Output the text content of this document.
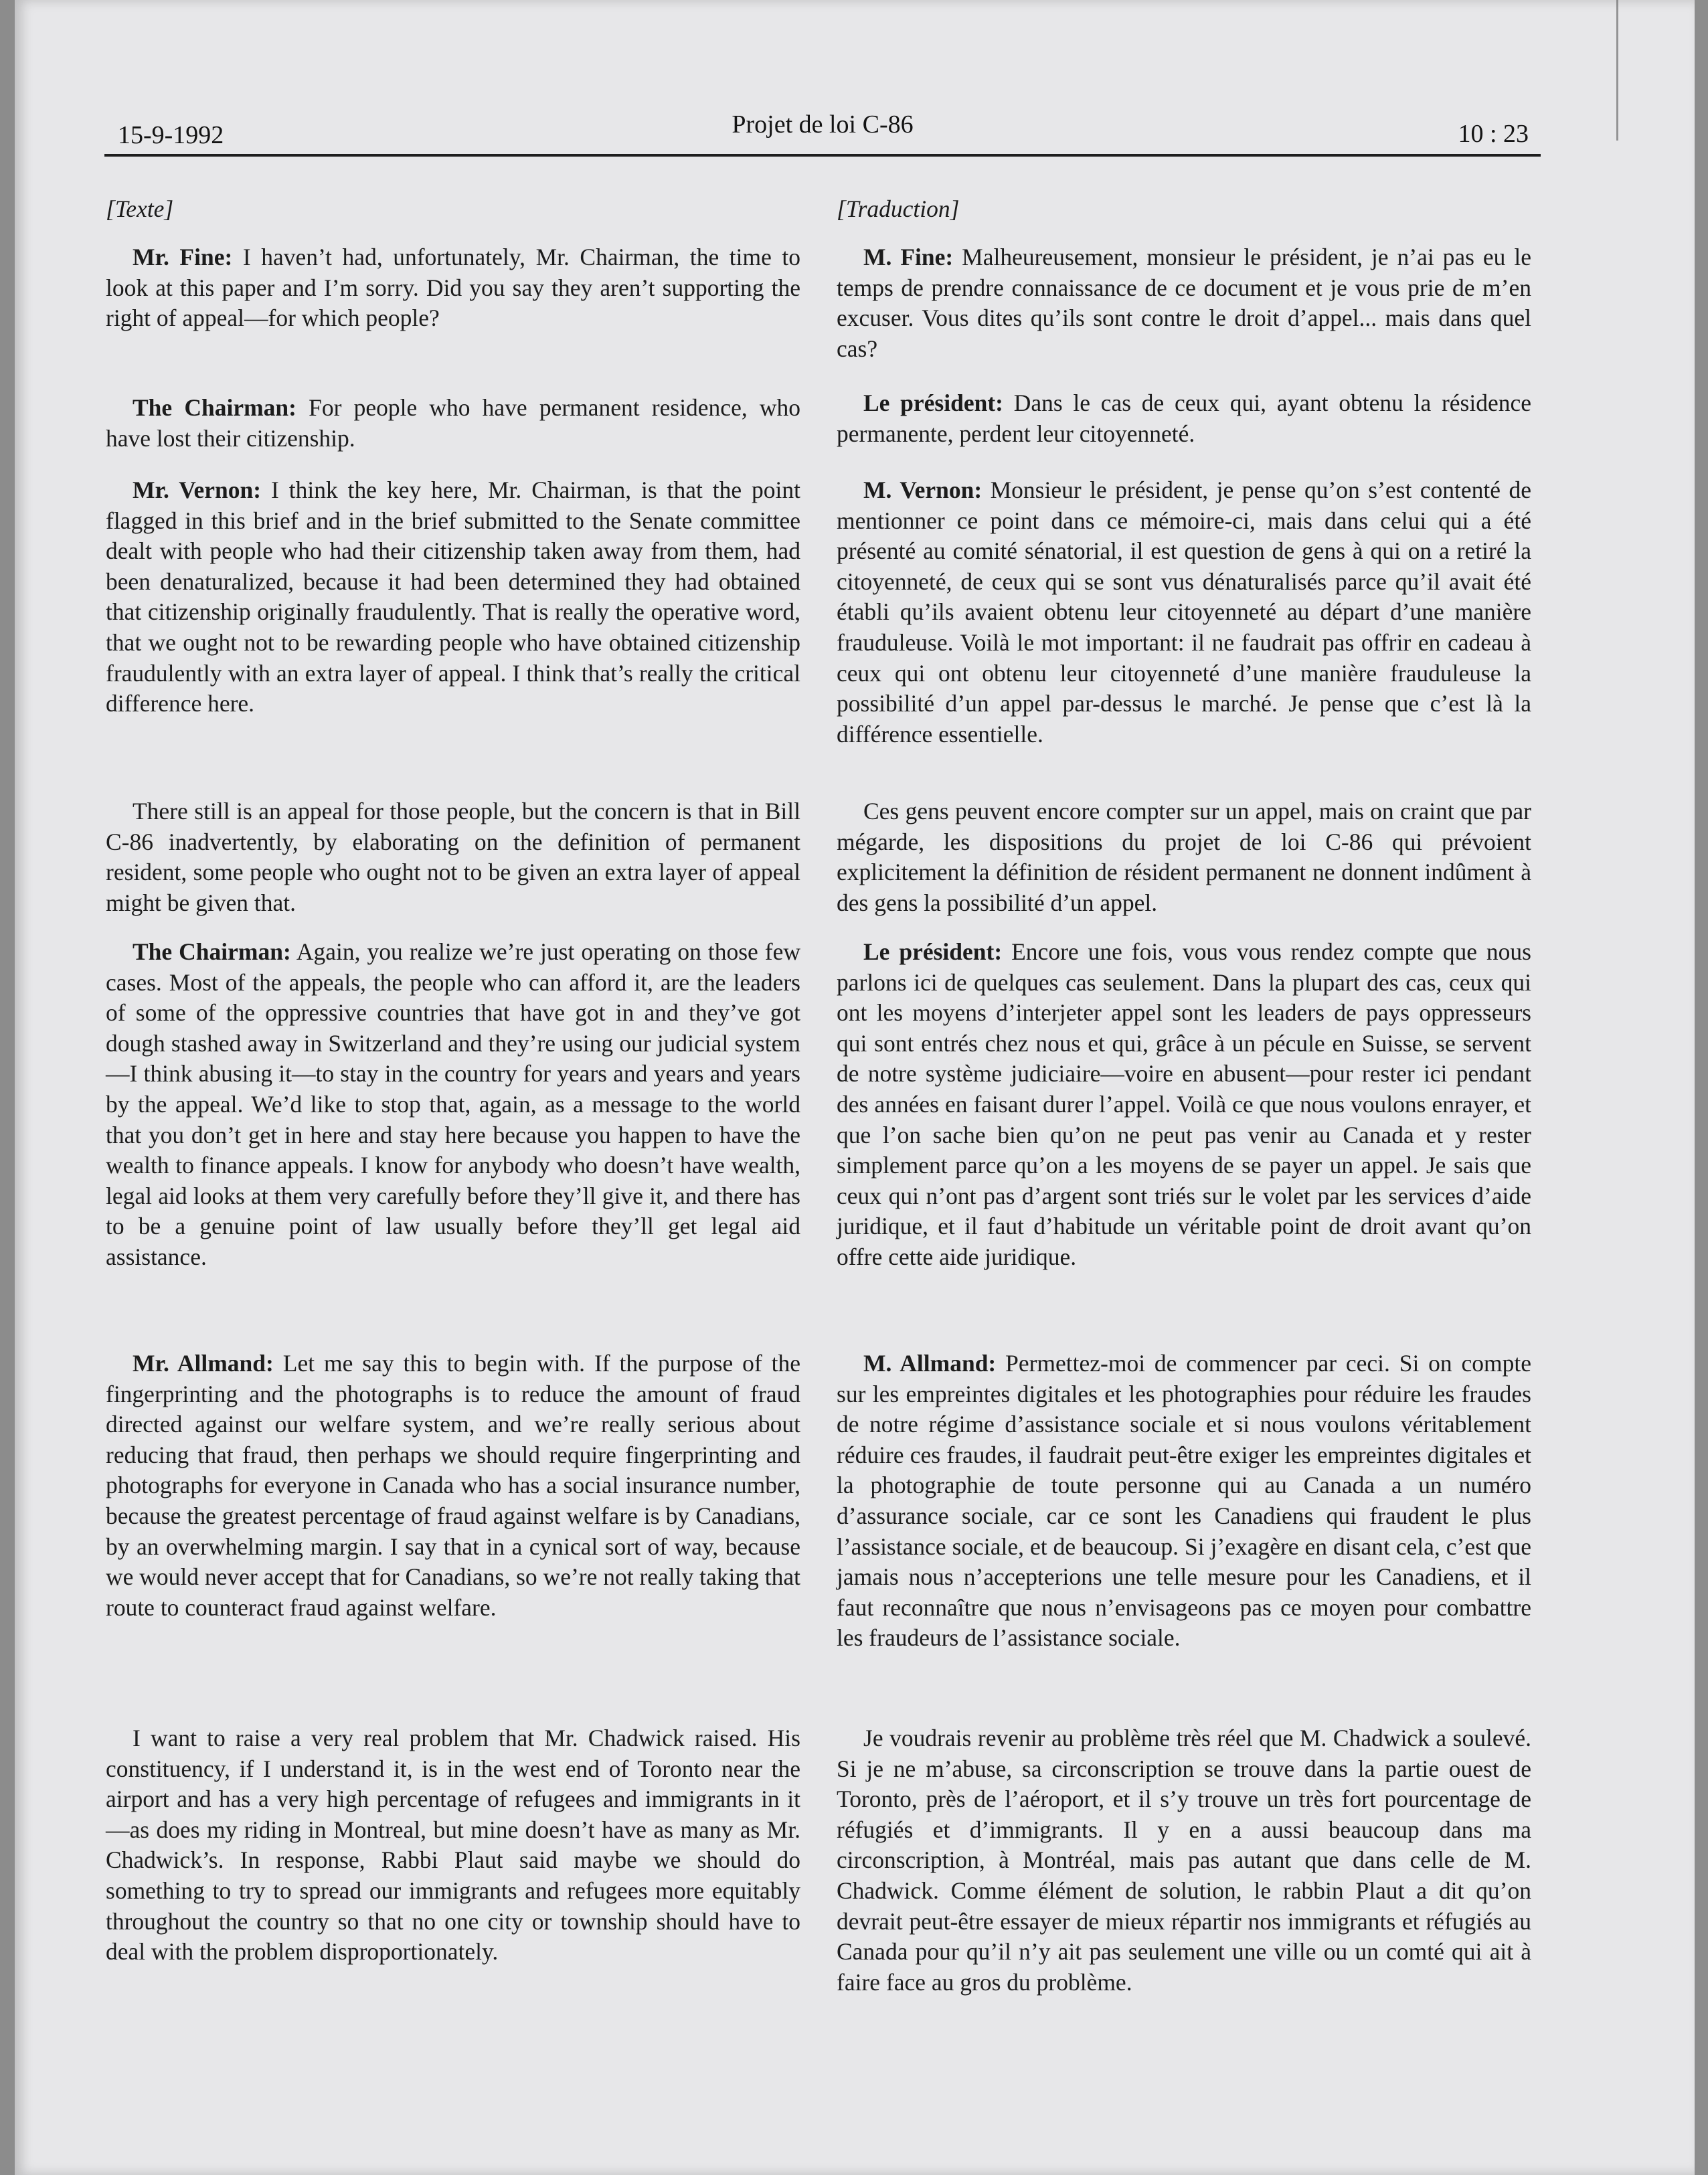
15-9-1992	Projet de loi C-86	10 : 23
[Texte]

Mr. Fine: I haven’t had, unfortunately, Mr. Chairman, the time to look at this paper and I’m sorry. Did you say they aren’t supporting the right of appeal—for which people?

The Chairman: For people who have permanent residence, who have lost their citizenship.

Mr. Vernon: I think the key here, Mr. Chairman, is that the point flagged in this brief and in the brief submitted to the Senate committee dealt with people who had their citizenship taken away from them, had been denaturalized, because it had been determined they had obtained that citizenship originally fraudulently. That is really the operative word, that we ought not to be rewarding people who have obtained citizenship fraudulently with an extra layer of appeal. I think that’s really the critical difference here.

There still is an appeal for those people, but the concern is that in Bill C-86 inadvertently, by elaborating on the definition of permanent resident, some people who ought not to be given an extra layer of appeal might be given that.

The Chairman: Again, you realize we’re just operating on those few cases. Most of the appeals, the people who can afford it, are the leaders of some of the oppressive countries that have got in and they’ve got dough stashed away in Switzerland and they’re using our judicial system—I think abusing it—to stay in the country for years and years and years by the appeal. We’d like to stop that, again, as a message to the world that you don’t get in here and stay here because you happen to have the wealth to finance appeals. I know for anybody who doesn’t have wealth, legal aid looks at them very carefully before they’ll give it, and there has to be a genuine point of law usually before they’ll get legal aid assistance.

Mr. Allmand: Let me say this to begin with. If the purpose of the fingerprinting and the photographs is to reduce the amount of fraud directed against our welfare system, and we’re really serious about reducing that fraud, then perhaps we should require fingerprinting and photographs for everyone in Canada who has a social insurance number, because the greatest percentage of fraud against welfare is by Canadians, by an overwhelming margin. I say that in a cynical sort of way, because we would never accept that for Canadians, so we’re not really taking that route to counteract fraud against welfare.

I want to raise a very real problem that Mr. Chadwick raised. His constituency, if I understand it, is in the west end of Toronto near the airport and has a very high percentage of refugees and immigrants in it—as does my riding in Montreal, but mine doesn’t have as many as Mr. Chadwick’s. In response, Rabbi Plaut said maybe we should do something to try to spread our immigrants and refugees more equitably throughout the country so that no one city or township should have to deal with the problem disproportionately.

[Traduction]

M. Fine: Malheureusement, monsieur le président, je n’ai pas eu le temps de prendre connaissance de ce document et je vous prie de m’en excuser. Vous dites qu’ils sont contre le droit d’appel... mais dans quel cas?

Le président: Dans le cas de ceux qui, ayant obtenu la résidence permanente, perdent leur citoyenneté.

M. Vernon: Monsieur le président, je pense qu’on s’est contenté de mentionner ce point dans ce mémoire-ci, mais dans celui qui a été présenté au comité sénatorial, il est question de gens à qui on a retiré la citoyenneté, de ceux qui se sont vus dénaturalisés parce qu’il avait été établi qu’ils avaient obtenu leur citoyenneté au départ d’une manière frauduleuse. Voilà le mot important: il ne faudrait pas offrir en cadeau à ceux qui ont obtenu leur citoyenneté d’une manière frauduleuse la possibilité d’un appel par-dessus le marché. Je pense que c’est là la différence essentielle.

Ces gens peuvent encore compter sur un appel, mais on craint que par mégarde, les dispositions du projet de loi C-86 qui prévoient explicitement la définition de résident permanent ne donnent indûment à des gens la possibilité d’un appel.

Le président: Encore une fois, vous vous rendez compte que nous parlons ici de quelques cas seulement. Dans la plupart des cas, ceux qui ont les moyens d’interjeter appel sont les leaders de pays oppresseurs qui sont entrés chez nous et qui, grâce à un pécule en Suisse, se servent de notre système judiciaire—voire en abusent—pour rester ici pendant des années en faisant durer l’appel. Voilà ce que nous voulons enrayer, et que l’on sache bien qu’on ne peut pas venir au Canada et y rester simplement parce qu’on a les moyens de se payer un appel. Je sais que ceux qui n’ont pas d’argent sont triés sur le volet par les services d’aide juridique, et il faut d’habitude un véritable point de droit avant qu’on offre cette aide juridique.

M. Allmand: Permettez-moi de commencer par ceci. Si on compte sur les empreintes digitales et les photographies pour réduire les fraudes de notre régime d’assistance sociale et si nous voulons véritablement réduire ces fraudes, il faudrait peut-être exiger les empreintes digitales et la photographie de toute personne qui au Canada a un numéro d’assurance sociale, car ce sont les Canadiens qui fraudent le plus l’assistance sociale, et de beaucoup. Si j’exagère en disant cela, c’est que jamais nous n’accepterions une telle mesure pour les Canadiens, et il faut reconnaître que nous n’envisageons pas ce moyen pour combattre les fraudeurs de l’assistance sociale.

Je voudrais revenir au problème très réel que M. Chadwick a soulevé. Si je ne m’abuse, sa circonscription se trouve dans la partie ouest de Toronto, près de l’aéroport, et il s’y trouve un très fort pourcentage de réfugiés et d’immigrants. Il y en a aussi beaucoup dans ma circonscription, à Montréal, mais pas autant que dans celle de M. Chadwick. Comme élément de solution, le rabbin Plaut a dit qu’on devrait peut-être essayer de mieux répartir nos immigrants et réfugiés au Canada pour qu’il n’y ait pas seulement une ville ou un comté qui ait à faire face au gros du problème.
